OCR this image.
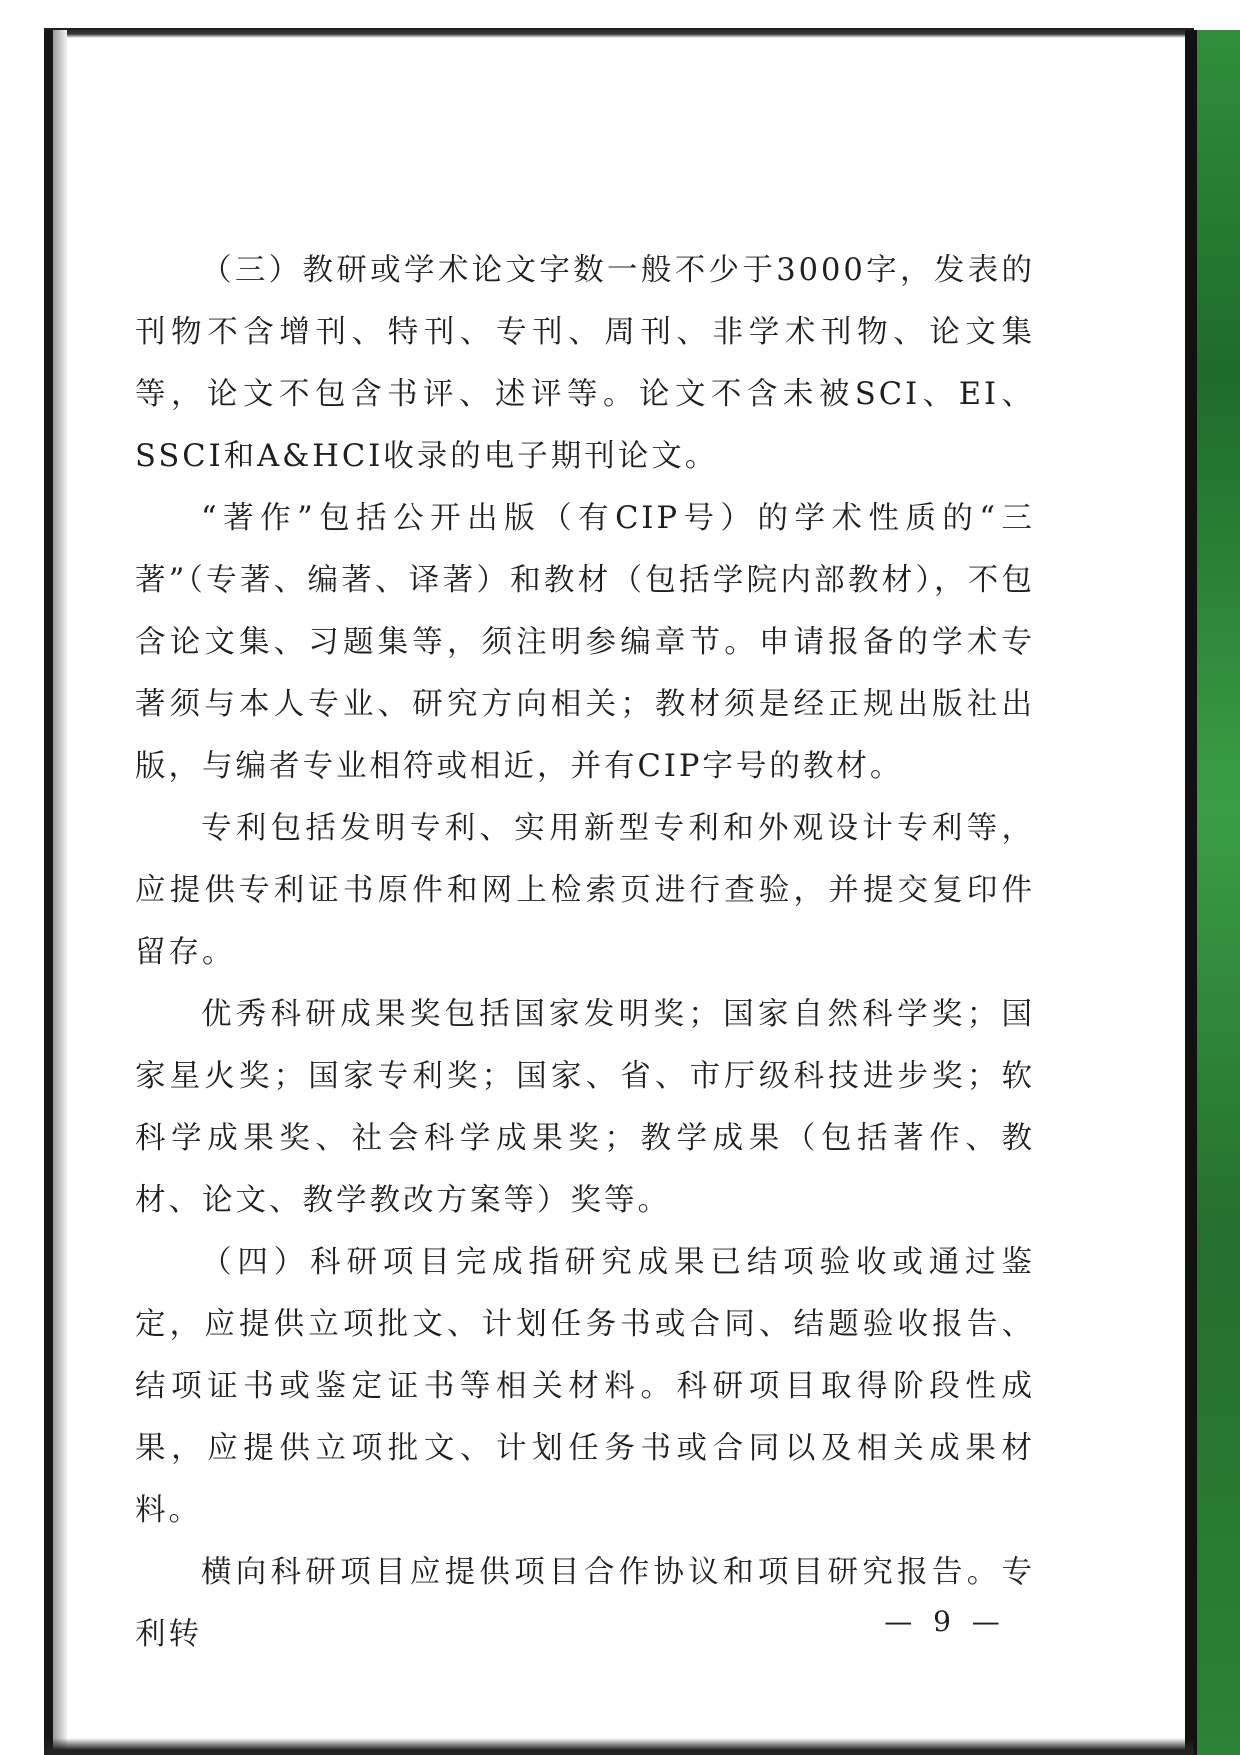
（三）教研或学术论文字数一般不少于3000字，发表的刊物不含增刊、特刊、专刊、周刊、非学术刊物、论文集等，论文不包含书评、述评等。论文不含未被SCI、EI、SSCI和A&HCI收录的电子期刊论文。

“著作”包括公开出版（有CIP号）的学术性质的“三著”（专著、编著、译著）和教材（包括学院内部教材），不包含论文集、习题集等，须注明参编章节。申请报备的学术专著须与本人专业、研究方向相关；教材须是经正规出版社出版，与编者专业相符或相近，并有CIP字号的教材。

专利包括发明专利、实用新型专利和外观设计专利等，应提供专利证书原件和网上检索页进行查验，并提交复印件留存。

优秀科研成果奖包括国家发明奖；国家自然科学奖；国家星火奖；国家专利奖；国家、省、市厅级科技进步奖；软科学成果奖、社会科学成果奖；教学成果（包括著作、教材、论文、教学教改方案等）奖等。

（四）科研项目完成指研究成果已结项验收或通过鉴定，应提供立项批文、计划任务书或合同、结题验收报告、结项证书或鉴定证书等相关材料。科研项目取得阶段性成果，应提供立项批文、计划任务书或合同以及相关成果材料。

横向科研项目应提供项目合作协议和项目研究报告。专利转	— 9 —
